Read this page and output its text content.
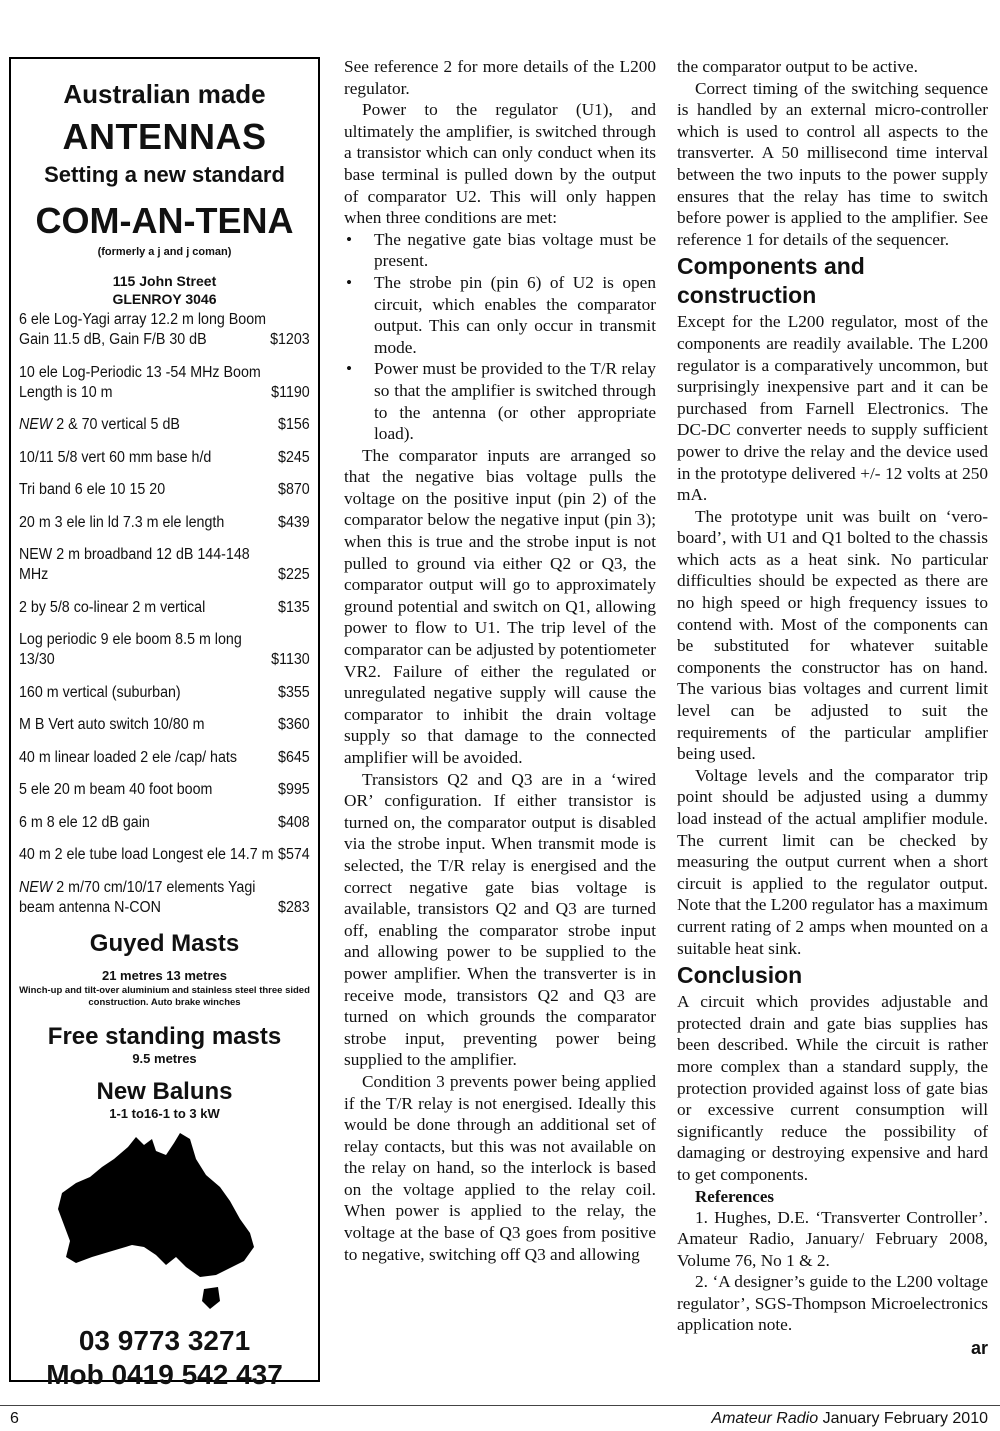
Australian made
ANTENNAS
Setting a new standard
COM-AN-TENA
(formerly a j and j coman)
115 John Street
GLENROY 3046
6 ele Log-Yagi array 12.2 m long Boom Gain 11.5 dB, Gain F/B 30 dB	$1203
10 ele Log-Periodic 13 -54 MHz Boom Length is 10 m	$1190
NEW 2 & 70 vertical 5 dB	$156
10/11 5/8 vert 60 mm base h/d	$245
Tri band 6 ele 10 15 20	$870
20 m 3 ele lin ld 7.3 m ele length	$439
NEW 2 m broadband 12 dB 144-148 MHz	$225
2 by 5/8 co-linear 2 m vertical	$135
Log periodic 9 ele boom 8.5 m long 13/30	$1130
160 m vertical (suburban)	$355
M B Vert auto switch 10/80 m	$360
40 m linear loaded 2 ele /cap/ hats	$645
5 ele 20 m beam 40 foot boom	$995
6 m 8 ele 12 dB gain	$408
40 m 2 ele tube load Longest ele 14.7 m $574
NEW 2 m/70 cm/10/17 elements Yagi beam antenna N-CON	$283
Guyed Masts
21 metres 13 metres
Winch-up and tilt-over aluminium and stainless steel three sided construction. Auto brake winches
Free standing masts
9.5 metres
New Baluns
1-1 to16-1 to 3 kW
03 9773 3271
Mob 0419 542 437

See reference 2 for more details of the L200 regulator.

Power to the regulator (U1), and ultimately the amplifier, is switched through a transistor which can only conduct when its base terminal is pulled down by the output of comparator U2. This will only happen when three conditions are met:

• The negative gate bias voltage must be present.
• The strobe pin (pin 6) of U2 is open circuit, which enables the comparator output. This can only occur in transmit mode.
• Power must be provided to the T/R relay so that the amplifier is switched through to the antenna (or other appropriate load).

The comparator inputs are arranged so that the negative bias voltage pulls the voltage on the positive input (pin 2) of the comparator below the negative input (pin 3); when this is true and the strobe input is not pulled to ground via either Q2 or Q3, the comparator output will go to approximately ground potential and switch on Q1, allowing power to flow to U1. The trip level of the comparator can be adjusted by potentiometer VR2. Failure of either the regulated or unregulated negative supply will cause the comparator to inhibit the drain voltage supply so that damage to the connected amplifier will be avoided.

Transistors Q2 and Q3 are in a ‘wired OR’ configuration. If either transistor is turned on, the comparator output is disabled via the strobe input. When transmit mode is selected, the T/R relay is energised and the correct negative gate bias voltage is available, transistors Q2 and Q3 are turned off, enabling the comparator strobe input and allowing power to be supplied to the power amplifier. When the transverter is in receive mode, transistors Q2 and Q3 are turned on which grounds the comparator strobe input, preventing power being supplied to the amplifier.

Condition 3 prevents power being applied if the T/R relay is not energised. Ideally this would be done through an additional set of relay contacts, but this was not available on the relay on hand, so the interlock is based on the voltage applied to the relay coil. When power is applied to the relay, the voltage at the base of Q3 goes from positive to negative, switching off Q3 and allowing

the comparator output to be active.

Correct timing of the switching sequence is handled by an external micro-controller which is used to control all aspects to the transverter. A 50 millisecond time interval between the two inputs to the power supply ensures that the relay has time to switch before power is applied to the amplifier. See reference 1 for details of the sequencer.

Components and construction

Except for the L200 regulator, most of the components are readily available. The L200 regulator is a comparatively uncommon, but surprisingly inexpensive part and it can be purchased from Farnell Electronics. The DC-DC converter needs to supply sufficient power to drive the relay and the device used in the prototype delivered +/- 12 volts at 250 mA.

The prototype unit was built on ‘vero-board’, with U1 and Q1 bolted to the chassis which acts as a heat sink. No particular difficulties should be expected as there are no high speed or high frequency issues to contend with. Most of the components can be substituted for whatever suitable components the constructor has on hand. The various bias voltages and current limit level can be adjusted to suit the requirements of the particular amplifier being used.

Voltage levels and the comparator trip point should be adjusted using a dummy load instead of the actual amplifier module. The current limit can be checked by measuring the output current when a short circuit is applied to the regulator output. Note that the L200 regulator has a maximum current rating of 2 amps when mounted on a suitable heat sink.

Conclusion

A circuit which provides adjustable and protected drain and gate bias supplies has been described. While the circuit is rather more complex than a standard supply, the protection provided against loss of gate bias or excessive current consumption will significantly reduce the possibility of damaging or destroying expensive and hard to get components.

References

1. Hughes, D.E. ‘Transverter Controller’. Amateur Radio, January/ February 2008, Volume 76, No 1 & 2.

2. ‘A designer’s guide to the L200 voltage regulator’, SGS-Thompson Microelectronics application note.

ar
6	Amateur Radio January February 2010
